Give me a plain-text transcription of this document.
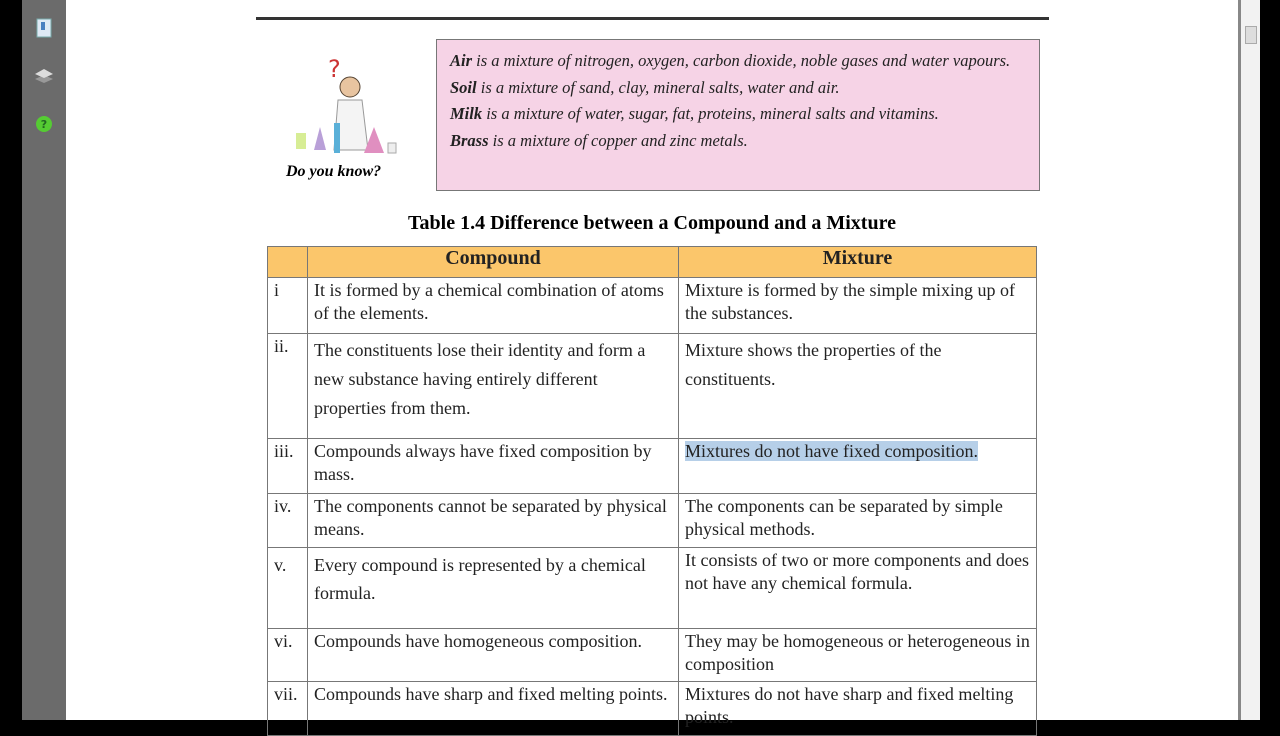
?
?
Do you know?
Air is a mixture of nitrogen, oxygen, carbon dioxide, noble gases and water vapours.
Soil is a mixture of sand, clay, mineral salts, water and air.
Milk is a mixture of water, sugar, fat, proteins, mineral salts and vitamins.
Brass is a mixture of copper and zinc metals.
Table 1.4 Difference between a Compound and a Mixture
	Compound	Mixture
i	It is formed by a chemical combination of atoms of the elements.	Mixture is formed by the simple mixing up of the substances.
ii.	The constituents lose their identity and form a new substance having entirely different properties from them.	Mixture shows the properties of the constituents.
iii.	Compounds always have fixed composition by mass.	Mixtures do not have fixed composition.
iv.	The components cannot be separated by physical means.	The components can be separated by simple physical methods.
v.	Every compound is represented by a chemical formula.	It consists of two or more components and does not have any chemical formula.
vi.	Compounds have homogeneous composition.	They may be homogeneous or heterogeneous in composition
vii.	Compounds have sharp and fixed melting points.	Mixtures do not have sharp and fixed melting points.
